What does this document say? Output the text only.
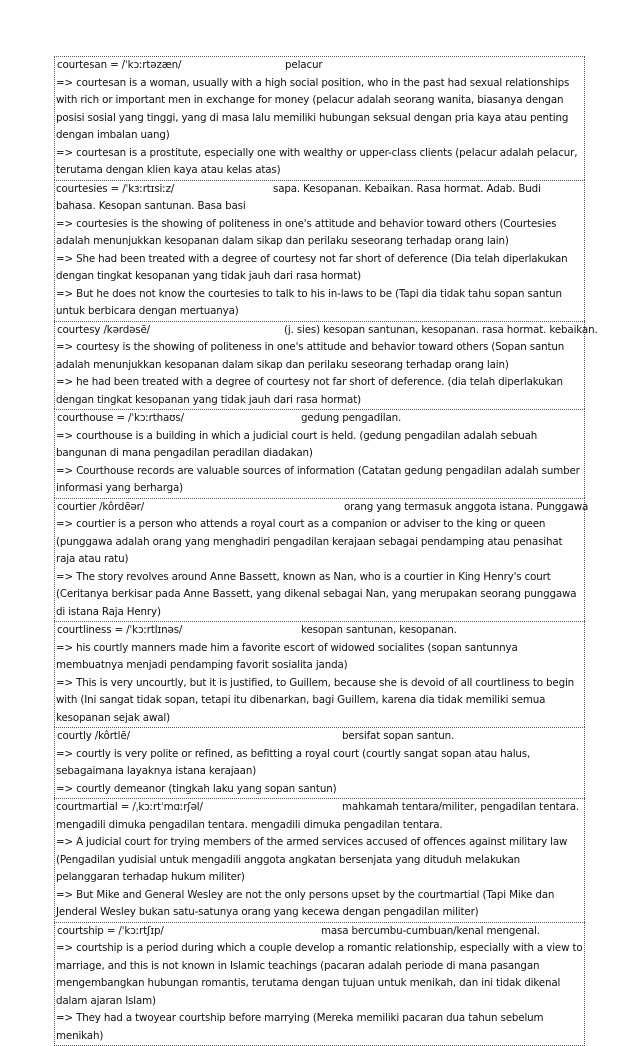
courtesan = /ˈkɔːrtəzæn/	pelacur
=> courtesan is a woman, usually with a high social position, who in the past had sexual relationships with rich or important men in exchange for money (pelacur adalah seorang wanita, biasanya dengan posisi sosial yang tinggi, yang di masa lalu memiliki hubungan seksual dengan pria kaya atau penting dengan imbalan uang)
=> courtesan is a prostitute, especially one with wealthy or upper-class clients (pelacur adalah pelacur, terutama dengan klien kaya atau kelas atas)
courtesies = /ˈkɜːrtɪsiːz/	sapa. Kesopanan. Kebaikan. Rasa hormat. Adab. Budi bahasa. Kesopan santunan. Basa basi
=> courtesies is the showing of politeness in one's attitude and behavior toward others (Courtesies adalah menunjukkan kesopanan dalam sikap dan perilaku seseorang terhadap orang lain)
=> She had been treated with a degree of courtesy not far short of deference (Dia telah diperlakukan dengan tingkat kesopanan yang tidak jauh dari rasa hormat)
=> But he does not know the courtesies to talk to his in-laws to be (Tapi dia tidak tahu sopan santun untuk berbicara dengan mertuanya)
courtesy /kərdəsē/	(j. sies) kesopan santunan, kesopanan. rasa hormat. kebaikan.
=> courtesy is the showing of politeness in one's attitude and behavior toward others (Sopan santun adalah menunjukkan kesopanan dalam sikap dan perilaku seseorang terhadap orang lain)
=> he had been treated with a degree of courtesy not far short of deference. (dia telah diperlakukan dengan tingkat kesopanan yang tidak jauh dari rasa hormat)
courthouse = /ˈkɔːrthaʊs/	gedung pengadilan.
=> courthouse is a building in which a judicial court is held. (gedung pengadilan adalah sebuah bangunan di mana pengadilan peradilan diadakan)
=> Courthouse records are valuable sources of information (Catatan gedung pengadilan adalah sumber informasi yang berharga)
courtier /kôrdēər/	orang yang termasuk anggota istana. Punggawa
=> courtier is a person who attends a royal court as a companion or adviser to the king or queen (punggawa adalah orang yang menghadiri pengadilan kerajaan sebagai pendamping atau penasihat raja atau ratu)
=> The story revolves around Anne Bassett, known as Nan, who is a courtier in King Henry's court (Ceritanya berkisar pada Anne Bassett, yang dikenal sebagai Nan, yang merupakan seorang punggawa di istana Raja Henry)
courtliness = /ˈkɔːrtlɪnəs/	kesopan santunan, kesopanan.
=> his courtly manners made him a favorite escort of widowed socialites (sopan santunnya membuatnya menjadi pendamping favorit sosialita janda)
=> This is very uncourtly, but it is justified, to Guillem, because she is devoid of all courtliness to begin with (Ini sangat tidak sopan, tetapi itu dibenarkan, bagi Guillem, karena dia tidak memiliki semua kesopanan sejak awal)
courtly /kôrtlē/	bersifat sopan santun.
=> courtly is very polite or refined, as befitting a royal court (courtly sangat sopan atau halus, sebagaimana layaknya istana kerajaan)
=> courtly demeanor (tingkah laku yang sopan santun)
courtmartial = /ˌkɔːrtˈmɑːrʃəl/	mahkamah tentara/militer, pengadilan tentara. mengadili dimuka pengadilan tentara. mengadili dimuka pengadilan tentara.
=> A judicial court for trying members of the armed services accused of offences against military law (Pengadilan yudisial untuk mengadili anggota angkatan bersenjata yang dituduh melakukan pelanggaran terhadap hukum militer)
=> But Mike and General Wesley are not the only persons upset by the courtmartial (Tapi Mike dan Jenderal Wesley bukan satu-satunya orang yang kecewa dengan pengadilan militer)
courtship = /ˈkɔːrtʃɪp/	masa bercumbu-cumbuan/kenal mengenal.
=> courtship is a period during which a couple develop a romantic relationship, especially with a view to marriage, and this is not known in Islamic teachings (pacaran adalah periode di mana pasangan mengembangkan hubungan romantis, terutama dengan tujuan untuk menikah, dan ini tidak dikenal dalam ajaran Islam)
=> They had a twoyear courtship before marrying (Mereka memiliki pacaran dua tahun sebelum menikah)
